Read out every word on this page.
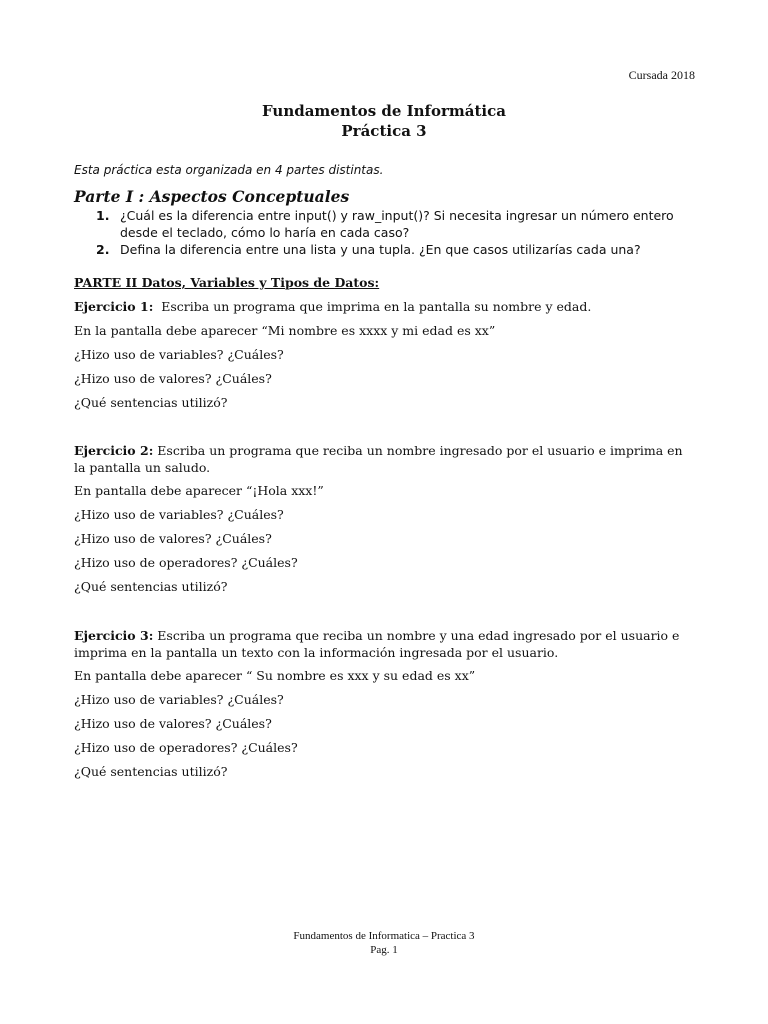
Cursada 2018
Fundamentos de Informática
Práctica 3
Esta práctica esta organizada en 4 partes distintas.
Parte I : Aspectos Conceptuales
1. ¿Cuál es la diferencia entre input() y raw_input()? Si necesita ingresar un número entero desde el teclado, cómo lo haría en cada caso?
2. Defina la diferencia entre una lista y una tupla. ¿En que casos utilizarías cada una?
PARTE II Datos, Variables y Tipos de Datos:
Ejercicio 1:  Escriba un programa que imprima en la pantalla su nombre y edad.
En la pantalla debe aparecer “Mi nombre es xxxx y mi edad es xx”
¿Hizo uso de variables? ¿Cuáles?
¿Hizo uso de valores? ¿Cuáles?
¿Qué sentencias utilizó?
Ejercicio 2: Escriba un programa que reciba un nombre ingresado por el usuario e imprima en la pantalla un saludo.
En pantalla debe aparecer “¡Hola xxx!”
¿Hizo uso de variables? ¿Cuáles?
¿Hizo uso de valores? ¿Cuáles?
¿Hizo uso de operadores? ¿Cuáles?
¿Qué sentencias utilizó?
Ejercicio 3: Escriba un programa que reciba un nombre y una edad ingresado por el usuario e imprima en la pantalla un texto con la información ingresada por el usuario.
En pantalla debe aparecer “ Su nombre es xxx y su edad es xx”
¿Hizo uso de variables? ¿Cuáles?
¿Hizo uso de valores? ¿Cuáles?
¿Hizo uso de operadores? ¿Cuáles?
¿Qué sentencias utilizó?
Fundamentos de Informatica – Practica 3
Pag. 1
